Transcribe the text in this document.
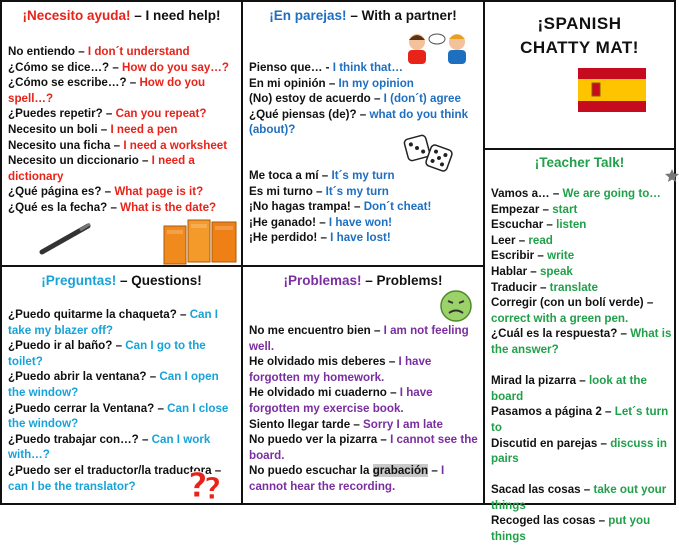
¡Necesito ayuda! – I need help!
No entiendo – I don´t understand
¿Cómo se dice…? – How do you say…?
¿Cómo se escribe…? – How do you spell…?
¿Puedes repetir? – Can you repeat?
Necesito un boli – I need a pen
Necesito una ficha – I need a worksheet
Necesito un diccionario – I need a dictionary
¿Qué página es? – What page is it?
¿Qué es la fecha? – What is the date?
¡En parejas! – With a partner!
Pienso que… - I think that…
En mi opinión – In my opinion
(No) estoy de acuerdo – I (don´t) agree
¿Qué piensas (de)? – what do you think (about)?
Me toca a mí – It´s my turn
Es mi turno – It´s my turn
¡No hagas trampa! – Don´t cheat!
¡He ganado! – I have won!
¡He perdido! – I have lost!
¡SPANISH
CHATTY MAT!
¡Preguntas! – Questions!
¿Puedo quitarme la chaqueta? – Can I take my blazer off?
¿Puedo ir al baño? – Can I go to the toilet?
¿Puedo abrir la ventana? – Can I open the window?
¿Puedo cerrar la Ventana? – Can I close the window?
¿Puedo trabajar con…? – Can I work with…?
¿Puedo ser el traductor/la traductora – can I be the translator?	?
?
¡Problemas! – Problems!
No me encuentro bien – I am not feeling well.
He olvidado mis deberes – I have forgotten my homework.
He olvidado mi cuaderno – I have forgotten my exercise book.
Siento llegar tarde – Sorry I am late
No puedo ver la pizarra – I cannot see the board.
No puedo escuchar la grabación – I cannot hear the recording.
¡Teacher Talk!
Vamos a… – We are going to…
Empezar – start
Escuchar – listen
Leer – read
Escribir – write
Hablar – speak
Traducir – translate
Corregir (con un bolí verde) – correct with a green pen.
¿Cuál es la respuesta? – What is the answer?
Mirad la pizarra – look at the board
Pasamos a página 2 – Let´s turn to
Discutid en parejas – discuss in pairs
Sacad las cosas – take out your things
Recoged las cosas – put you things
